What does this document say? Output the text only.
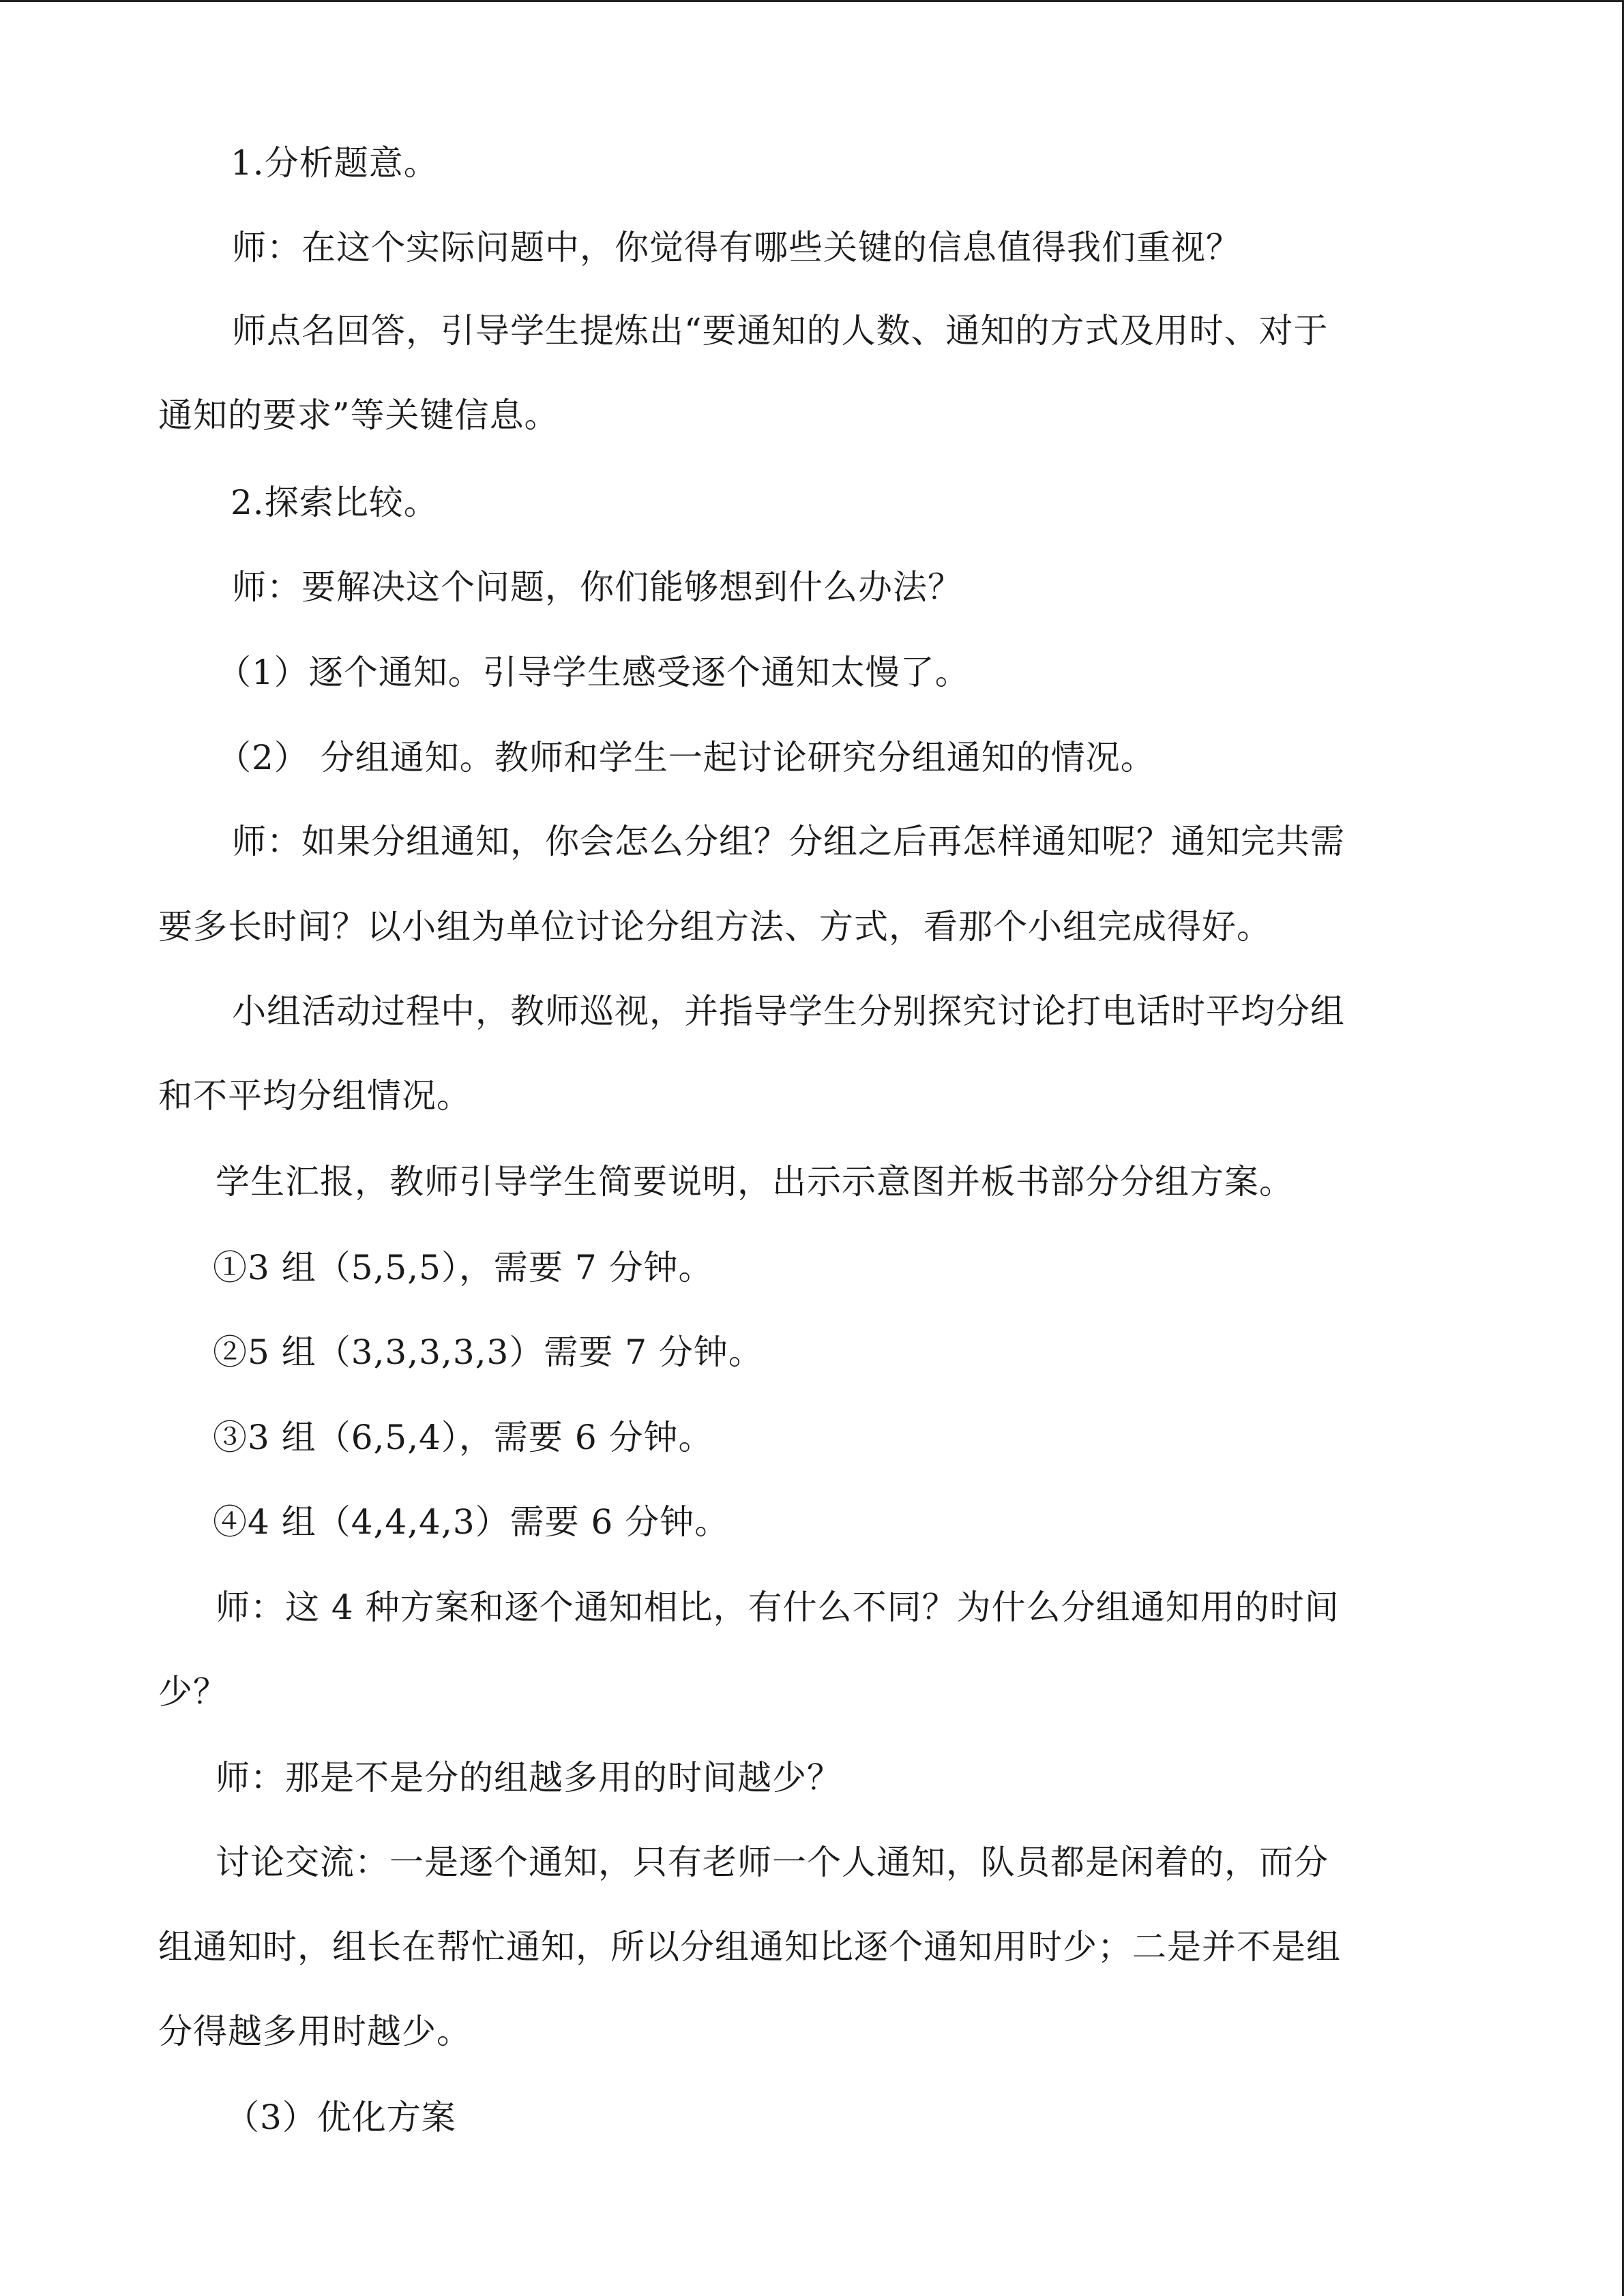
1.分析题意。

师：在这个实际问题中，你觉得有哪些关键的信息值得我们重视？

师点名回答，引导学生提炼出“要通知的人数、通知的方式及用时、对于

通知的要求”等关键信息。

2.探索比较。

师：要解决这个问题，你们能够想到什么办法？

（1）逐个通知。引导学生感受逐个通知太慢了。

（2） 分组通知。教师和学生一起讨论研究分组通知的情况。

师：如果分组通知，你会怎么分组？分组之后再怎样通知呢？通知完共需

要多长时间？以小组为单位讨论分组方法、方式，看那个小组完成得好。

小组活动过程中，教师巡视，并指导学生分别探究讨论打电话时平均分组

和不平均分组情况。

学生汇报，教师引导学生简要说明，出示示意图并板书部分分组方案。

①3 组（5,5,5），需要 7 分钟。

②5 组（3,3,3,3,3）需要 7 分钟。

③3 组（6,5,4），需要 6 分钟。

④4 组（4,4,4,3）需要 6 分钟。

师：这 4 种方案和逐个通知相比，有什么不同？为什么分组通知用的时间

少？

师：那是不是分的组越多用的时间越少？

讨论交流：一是逐个通知，只有老师一个人通知，队员都是闲着的，而分

组通知时，组长在帮忙通知，所以分组通知比逐个通知用时少；二是并不是组

分得越多用时越少。

（3）优化方案
